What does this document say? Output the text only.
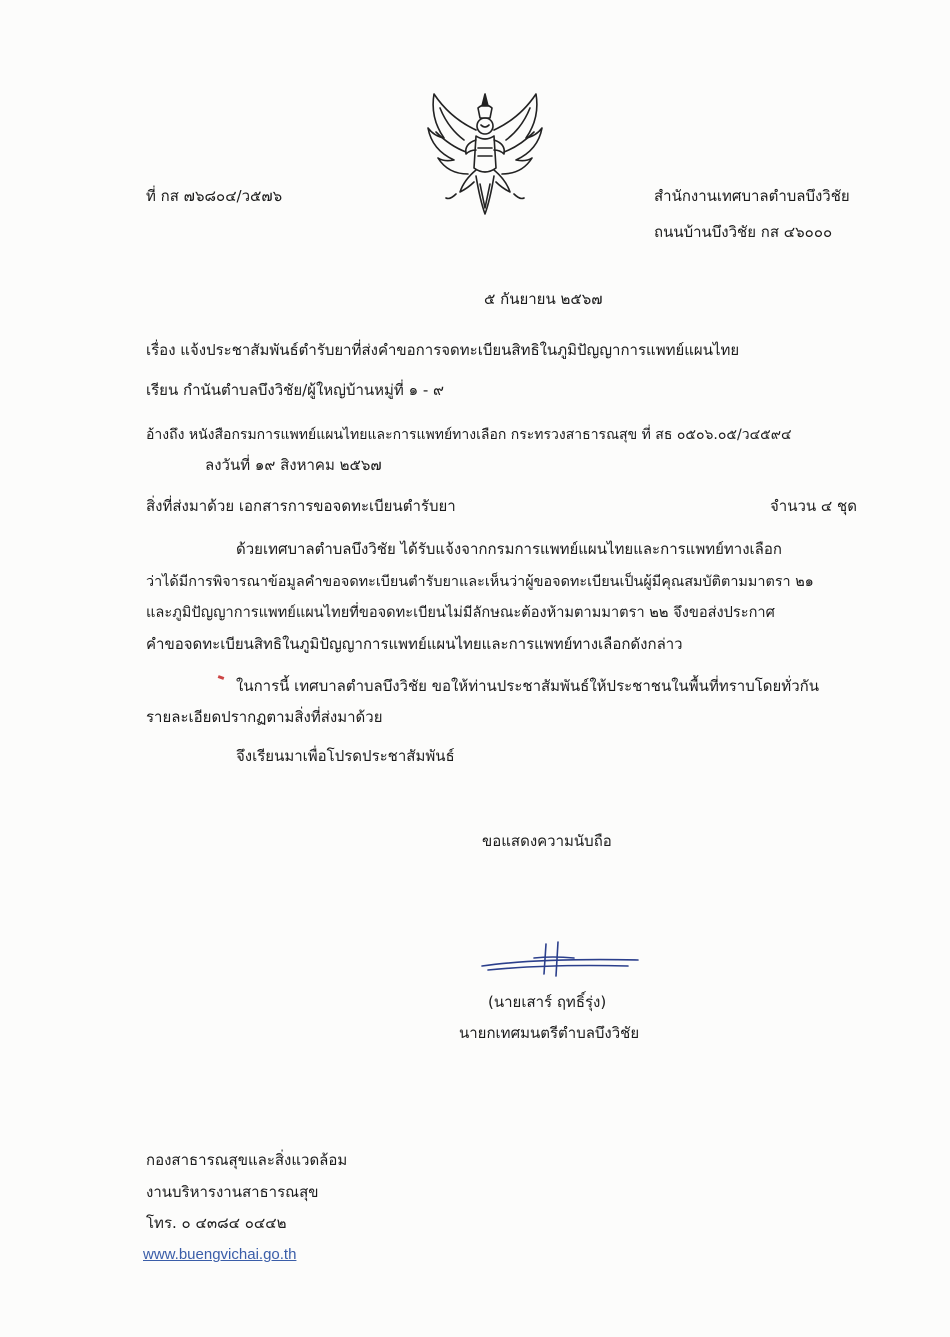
ที่ กส ๗๖๘๐๔/ว๕๗๖	สำนักงานเทศบาลตำบลบึงวิชัย
ถนนบ้านบึงวิชัย กส ๔๖๐๐๐
๕ กันยายน ๒๕๖๗
เรื่อง แจ้งประชาสัมพันธ์ตำรับยาที่ส่งคำขอการจดทะเบียนสิทธิในภูมิปัญญาการแพทย์แผนไทย
เรียน กำนันตำบลบึงวิชัย/ผู้ใหญ่บ้านหมู่ที่ ๑ - ๙
อ้างถึง หนังสือกรมการแพทย์แผนไทยและการแพทย์ทางเลือก กระทรวงสาธารณสุข ที่ สธ ๐๕๐๖.๐๕/ว๔๕๙๔
ลงวันที่ ๑๙ สิงหาคม ๒๕๖๗
สิ่งที่ส่งมาด้วย เอกสารการขอจดทะเบียนตำรับยา	จำนวน ๔ ชุด
ด้วยเทศบาลตำบลบึงวิชัย ได้รับแจ้งจากกรมการแพทย์แผนไทยและการแพทย์ทางเลือก
ว่าได้มีการพิจารณาข้อมูลคำขอจดทะเบียนตำรับยาและเห็นว่าผู้ขอจดทะเบียนเป็นผู้มีคุณสมบัติตามมาตรา ๒๑
และภูมิปัญญาการแพทย์แผนไทยที่ขอจดทะเบียนไม่มีลักษณะต้องห้ามตามมาตรา ๒๒ จึงขอส่งประกาศ
คำขอจดทะเบียนสิทธิในภูมิปัญญาการแพทย์แผนไทยและการแพทย์ทางเลือกดังกล่าว
ในการนี้ เทศบาลตำบลบึงวิชัย ขอให้ท่านประชาสัมพันธ์ให้ประชาชนในพื้นที่ทราบโดยทั่วกัน
รายละเอียดปรากฏตามสิ่งที่ส่งมาด้วย
จึงเรียนมาเพื่อโปรดประชาสัมพันธ์
ขอแสดงความนับถือ
(นายเสาร์ ฤทธิ์รุ่ง)
นายกเทศมนตรีตำบลบึงวิชัย
กองสาธารณสุขและสิ่งแวดล้อม
งานบริหารงานสาธารณสุข
โทร. ๐ ๔๓๘๔ ๐๔๔๒
www.buengvichai.go.th
